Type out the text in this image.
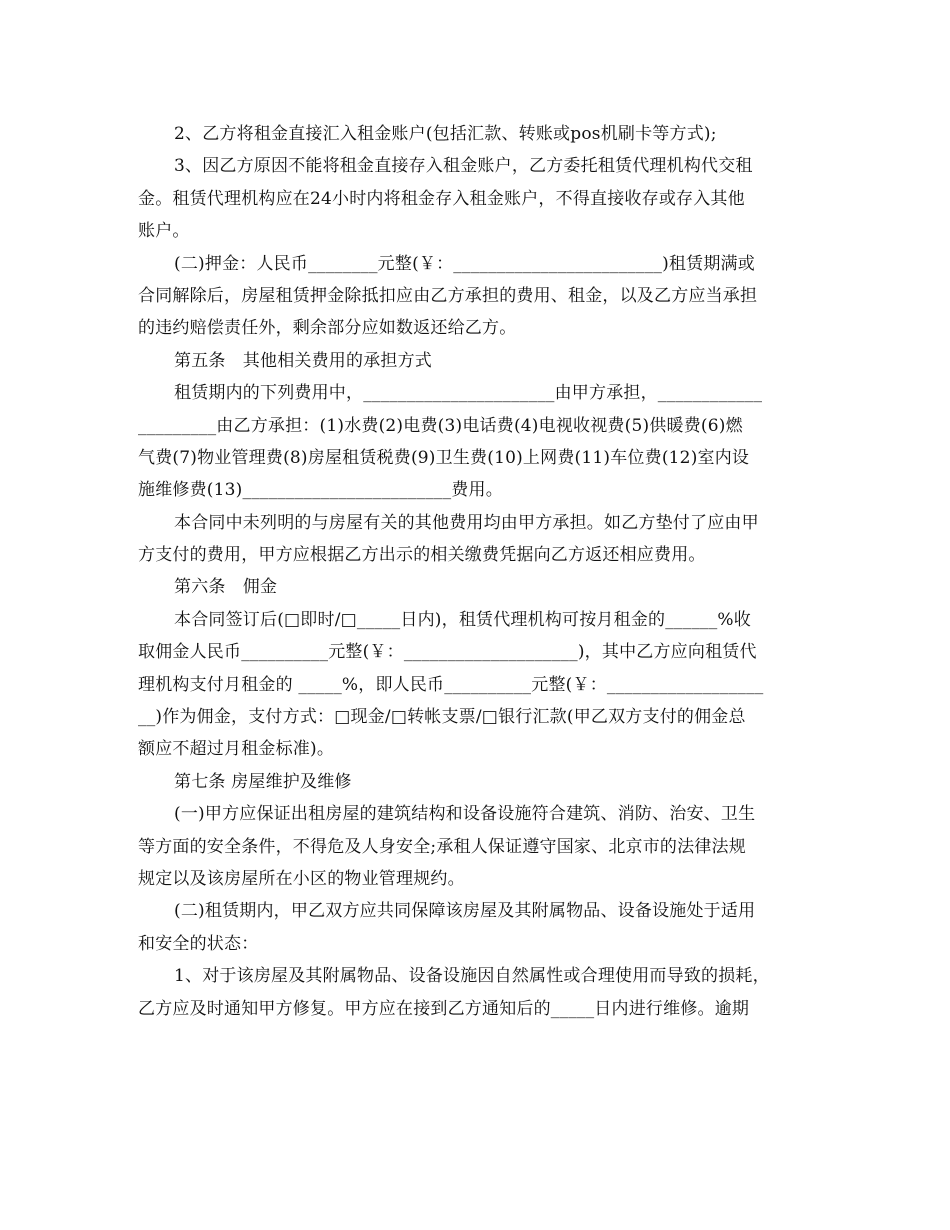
2、乙方将租金直接汇入租金账户(包括汇款、转账或pos机刷卡等方式);
3、因乙方原因不能将租金直接存入租金账户，乙方委托租赁代理机构代交租
金。租赁代理机构应在24小时内将租金存入租金账户，不得直接收存或存入其他
账户。
(二)押金：人民币________元整(￥：________________________)租赁期满或
合同解除后，房屋租赁押金除抵扣应由乙方承担的费用、租金，以及乙方应当承担
的违约赔偿责任外，剩余部分应如数返还给乙方。
第五条　其他相关费用的承担方式
租赁期内的下列费用中，______________________由甲方承担，____________
_________由乙方承担：(1)水费(2)电费(3)电话费(4)电视收视费(5)供暖费(6)燃
气费(7)物业管理费(8)房屋租赁税费(9)卫生费(10)上网费(11)车位费(12)室内设
施维修费(13)________________________费用。
本合同中未列明的与房屋有关的其他费用均由甲方承担。如乙方垫付了应由甲
方支付的费用，甲方应根据乙方出示的相关缴费凭据向乙方返还相应费用。
第六条　佣金
本合同签订后(□即时/□_____日内)，租赁代理机构可按月租金的______%收
取佣金人民币__________元整(￥：____________________)，其中乙方应向租赁代
理机构支付月租金的 _____%，即人民币__________元整(￥：__________________
__)作为佣金，支付方式：□现金/□转帐支票/□银行汇款(甲乙双方支付的佣金总
额应不超过月租金标准)。
第七条 房屋维护及维修
(一)甲方应保证出租房屋的建筑结构和设备设施符合建筑、消防、治安、卫生
等方面的安全条件，不得危及人身安全;承租人保证遵守国家、北京市的法律法规
规定以及该房屋所在小区的物业管理规约。
(二)租赁期内，甲乙双方应共同保障该房屋及其附属物品、设备设施处于适用
和安全的状态：
1、对于该房屋及其附属物品、设备设施因自然属性或合理使用而导致的损耗，
乙方应及时通知甲方修复。甲方应在接到乙方通知后的_____日内进行维修。逾期
